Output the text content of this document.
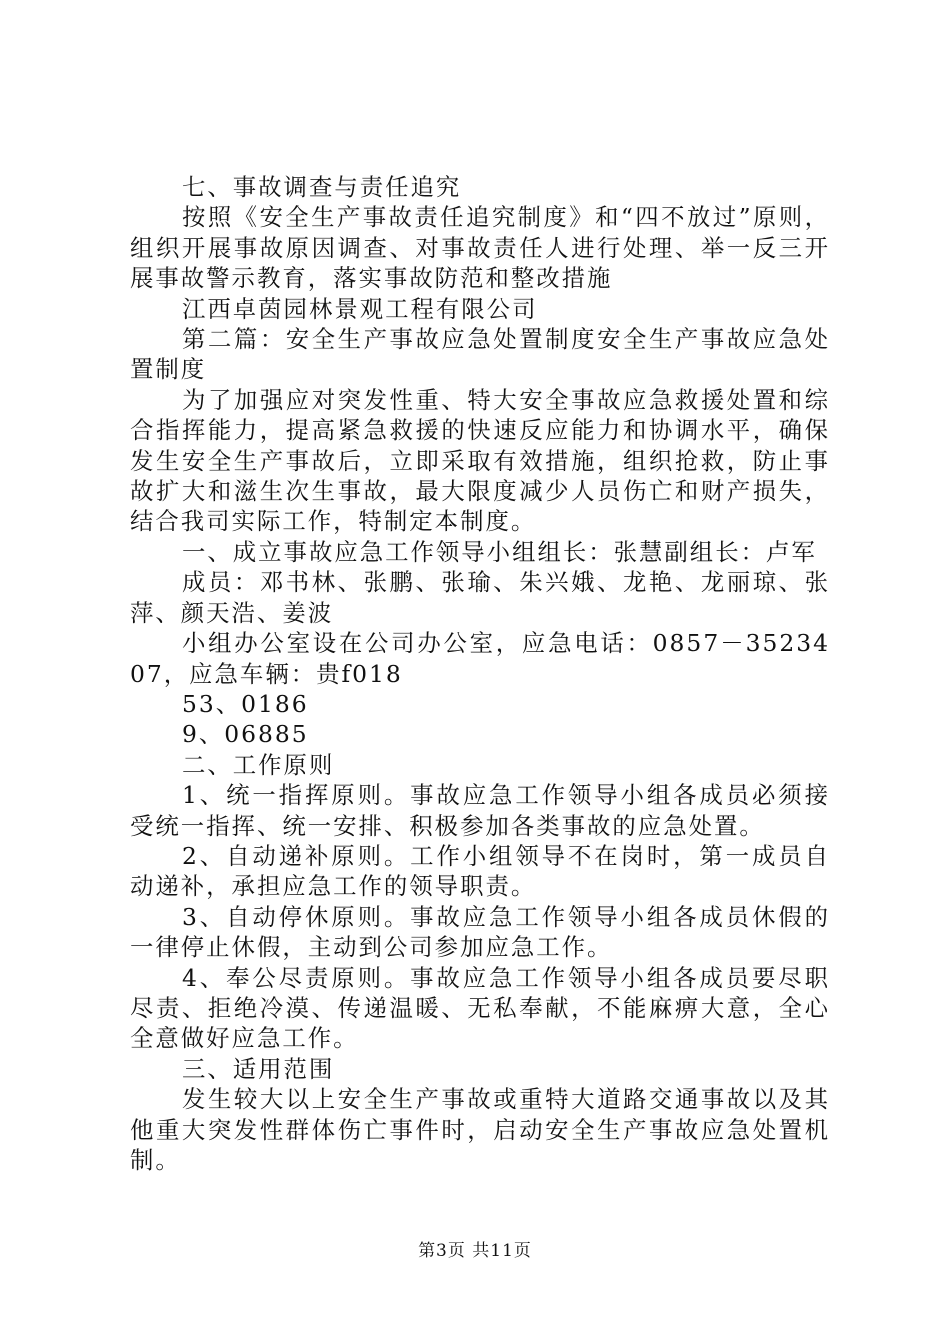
七、事故调查与责任追究

按照《安全生产事故责任追究制度》和“四不放过”原则，组织开展事故原因调查、对事故责任人进行处理、举一反三开展事故警示教育，落实事故防范和整改措施

江西卓茵园林景观工程有限公司

第二篇：安全生产事故应急处置制度安全生产事故应急处置制度

为了加强应对突发性重、特大安全事故应急救援处置和综合指挥能力，提高紧急救援的快速反应能力和协调水平，确保发生安全生产事故后，立即采取有效措施，组织抢救，防止事故扩大和滋生次生事故，最大限度减少人员伤亡和财产损失，结合我司实际工作，特制定本制度。

一、成立事故应急工作领导小组组长：张慧副组长：卢军

成员：邓书林、张鹏、张瑜、朱兴娥、龙艳、龙丽琼、张萍、颜天浩、姜波

小组办公室设在公司办公室，应急电话：0857－3523407，应急车辆：贵f018

53、0186

9、06885

二、工作原则

1、统一指挥原则。事故应急工作领导小组各成员必须接受统一指挥、统一安排、积极参加各类事故的应急处置。

2、自动递补原则。工作小组领导不在岗时，第一成员自动递补，承担应急工作的领导职责。

3、自动停休原则。事故应急工作领导小组各成员休假的一律停止休假，主动到公司参加应急工作。

4、奉公尽责原则。事故应急工作领导小组各成员要尽职尽责、拒绝冷漠、传递温暖、无私奉献，不能麻痹大意，全心全意做好应急工作。

三、适用范围

发生较大以上安全生产事故或重特大道路交通事故以及其他重大突发性群体伤亡事件时，启动安全生产事故应急处置机制。

第3页 共11页
